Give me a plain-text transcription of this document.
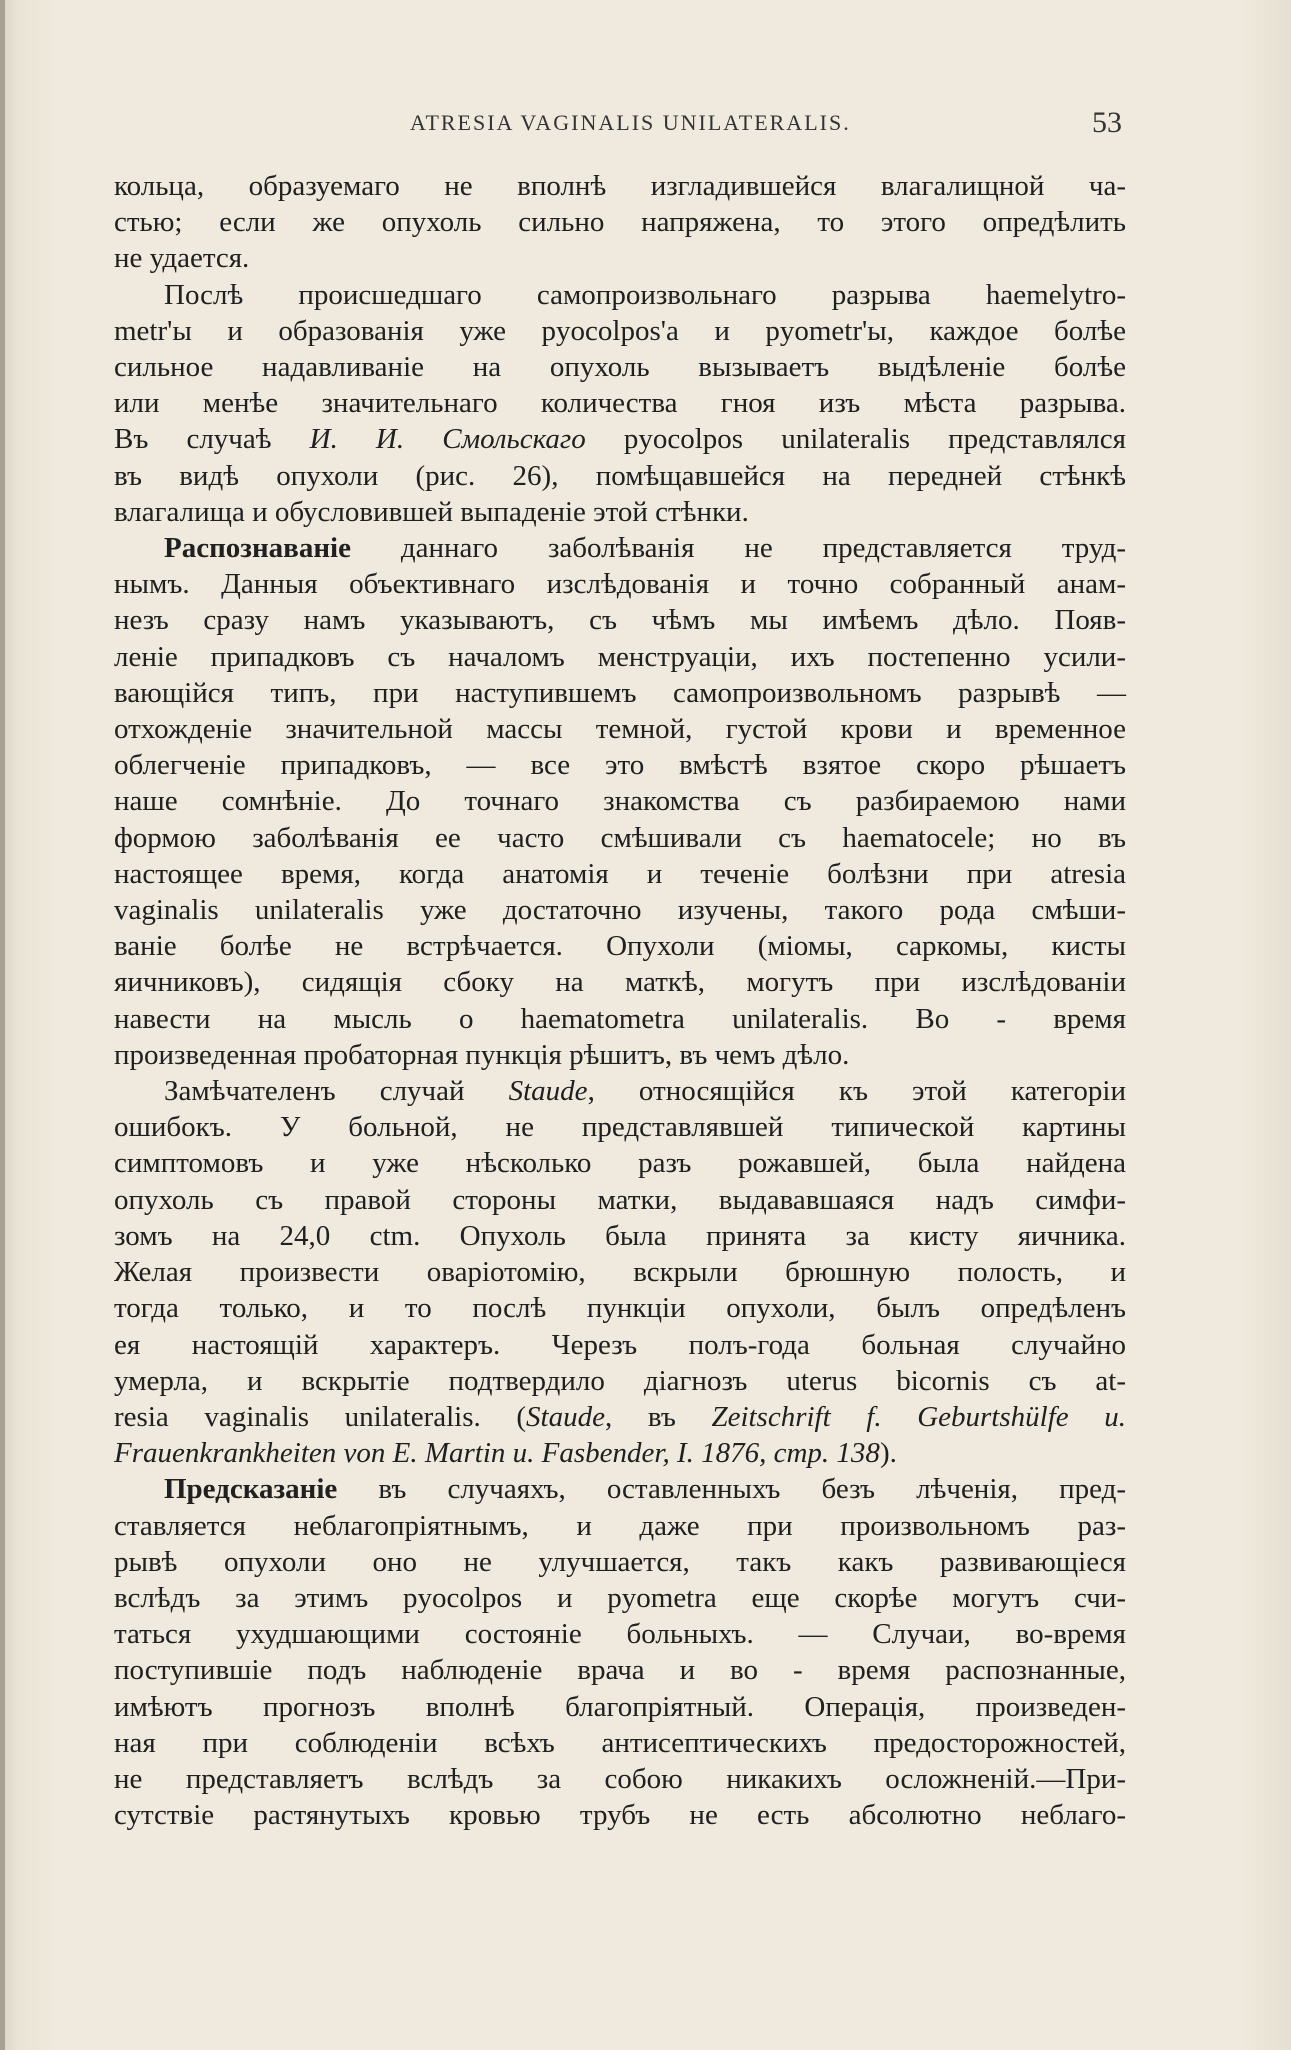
ATRESIA VAGINALIS UNILATERALIS.	53
кольца, образуемаго не вполнѣ изгладившейся влагалищной ча-
стью; если же опухоль сильно напряжена, то этого опредѣлить
не удается.
Послѣ происшедшаго самопроизвольнаго разрыва haemelytro-
metr'ы и образованія уже pyocolpos'а и pyometr'ы, каждое болѣе
сильное надавливаніе на опухоль вызываетъ выдѣленіе болѣе
или менѣе значительнаго количества гноя изъ мѣста разрыва.
Въ случаѣ И. И. Смольскаго pyocolpos unilateralis представлялся
въ видѣ опухоли (рис. 26), помѣщавшейся на передней стѣнкѣ
влагалища и обусловившей выпаденіе этой стѣнки.
Распознаваніе даннаго заболѣванія не представляется труд-
нымъ. Данныя объективнаго изслѣдованія и точно собранный анам-
незъ сразу намъ указываютъ, съ чѣмъ мы имѣемъ дѣло. Появ-
леніе припадковъ съ началомъ менструаціи, ихъ постепенно усили-
вающійся типъ, при наступившемъ самопроизвольномъ разрывѣ —
отхожденіе значительной массы темной, густой крови и временное
облегченіе припадковъ, — все это вмѣстѣ взятое скоро рѣшаетъ
наше сомнѣніе. До точнаго знакомства съ разбираемою нами
формою заболѣванія ее часто смѣшивали съ haematocele; но въ
настоящее время, когда анатомія и теченіе болѣзни при atresia
vaginalis unilateralis уже достаточно изучены, такого рода смѣши-
ваніе болѣе не встрѣчается. Опухоли (міомы, саркомы, кисты
яичниковъ), сидящія сбоку на маткѣ, могутъ при изслѣдованіи
навести на мысль о haematometra unilateralis. Во - время
произведенная пробаторная пункція рѣшитъ, въ чемъ дѣло.
Замѣчателенъ случай Staude, относящійся къ этой категоріи
ошибокъ. У больной, не представлявшей типической картины
симптомовъ и уже нѣсколько разъ рожавшей, была найдена
опухоль съ правой стороны матки, выдававшаяся надъ симфи-
зомъ на 24,0 ctm. Опухоль была принята за кисту яичника.
Желая произвести оваріотомію, вскрыли брюшную полость, и
тогда только, и то послѣ пункціи опухоли, былъ опредѣленъ
ея настоящій характеръ. Черезъ полъ-года больная случайно
умерла, и вскрытіе подтвердило діагнозъ uterus bicornis съ at-
resia vaginalis unilateralis. (Staude, въ Zeitschrift f. Geburtshülfe u.
Frauenkrankheiten von E. Martin u. Fasbender, I. 1876, стр. 138).
Предсказаніе въ случаяхъ, оставленныхъ безъ лѣченія, пред-
ставляется неблагопріятнымъ, и даже при произвольномъ раз-
рывѣ опухоли оно не улучшается, такъ какъ развивающіеся
вслѣдъ за этимъ pyocolpos и pyometra еще скорѣе могутъ счи-
таться ухудшающими состояніе больныхъ. — Случаи, во-время
поступившіе подъ наблюденіе врача и во - время распознанные,
имѣютъ прогнозъ вполнѣ благопріятный. Операція, произведен-
ная при соблюденіи всѣхъ антисептическихъ предосторожностей,
не представляетъ вслѣдъ за собою никакихъ осложненій.—При-
сутствіе растянутыхъ кровью трубъ не есть абсолютно неблаго-
